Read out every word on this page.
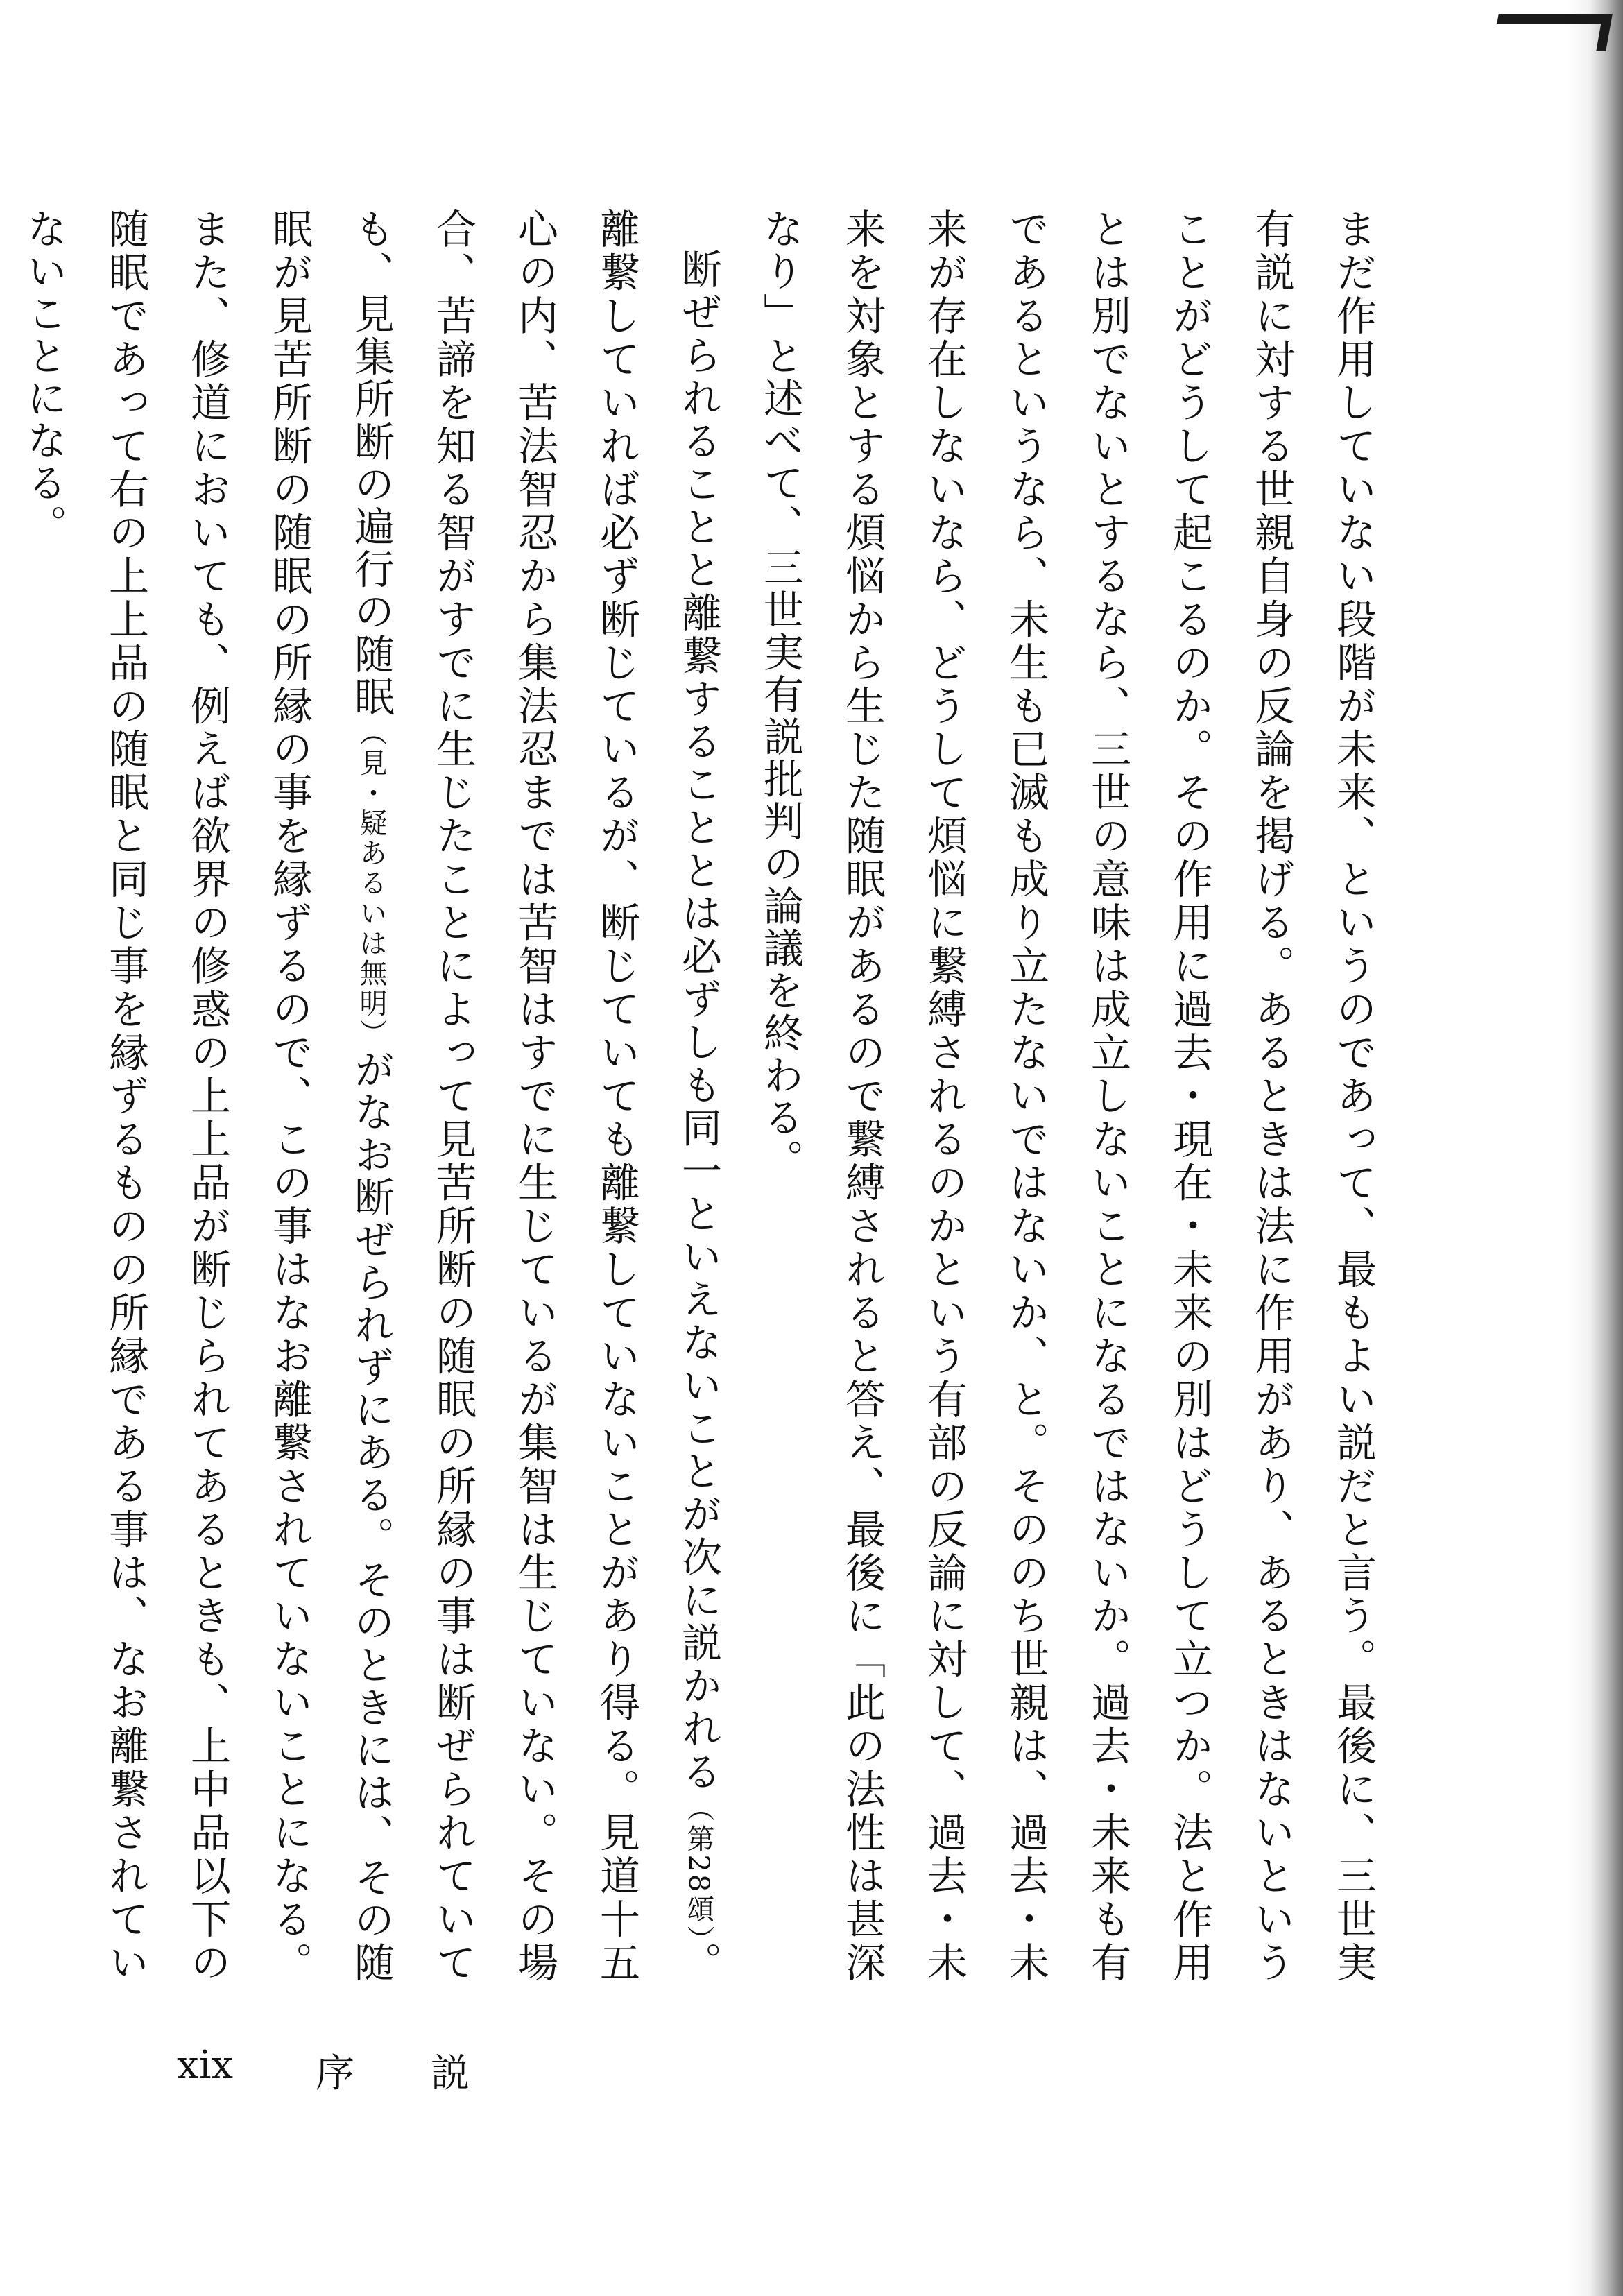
まだ作用していない段階が未来、というのであって、最もよい説だと言う。最後に、三世実有説に対する世親自身の反論を掲げる。あるときは法に作用があり、あるときはないということがどうして起こるのか。その作用に過去・現在・未来の別はどうして立つか。法と作用とは別でないとするなら、三世の意味は成立しないことになるではないか。過去・未来も有であるというなら、未生も已滅も成り立たないではないか、と。そののち世親は、過去・未来が存在しないなら、どうして煩悩に繋縛されるのかという有部の反論に対して、過去・未来を対象とする煩悩から生じた随眠があるので繋縛されると答え、最後に「此の法性は甚深なり」と述べて、三世実有説批判の論議を終わる。

断ぜられることと離繋することとは必ずしも同一といえないことが次に説かれる（第28頌）。離繋していれば必ず断じているが、断じていても離繋していないことがあり得る。見道十五心の内、苦法智忍から集法忍までは苦智はすでに生じているが集智は生じていない。その場合、苦諦を知る智がすでに生じたことによって見苦所断の随眠の所縁の事は断ぜられていても、見集所断の遍行の随眠（見・疑あるいは無明）がなお断ぜられずにある。そのときには、その随眠が見苦所断の随眠の所縁の事を縁ずるので、この事はなお離繋されていないことになる。また、修道においても、例えば欲界の修惑の上上品が断じられてあるときも、上中品以下の随眠であって右の上上品の随眠と同じ事を縁ずるものの所縁である事は、なお離繋されていないことになる。

xix	序説
